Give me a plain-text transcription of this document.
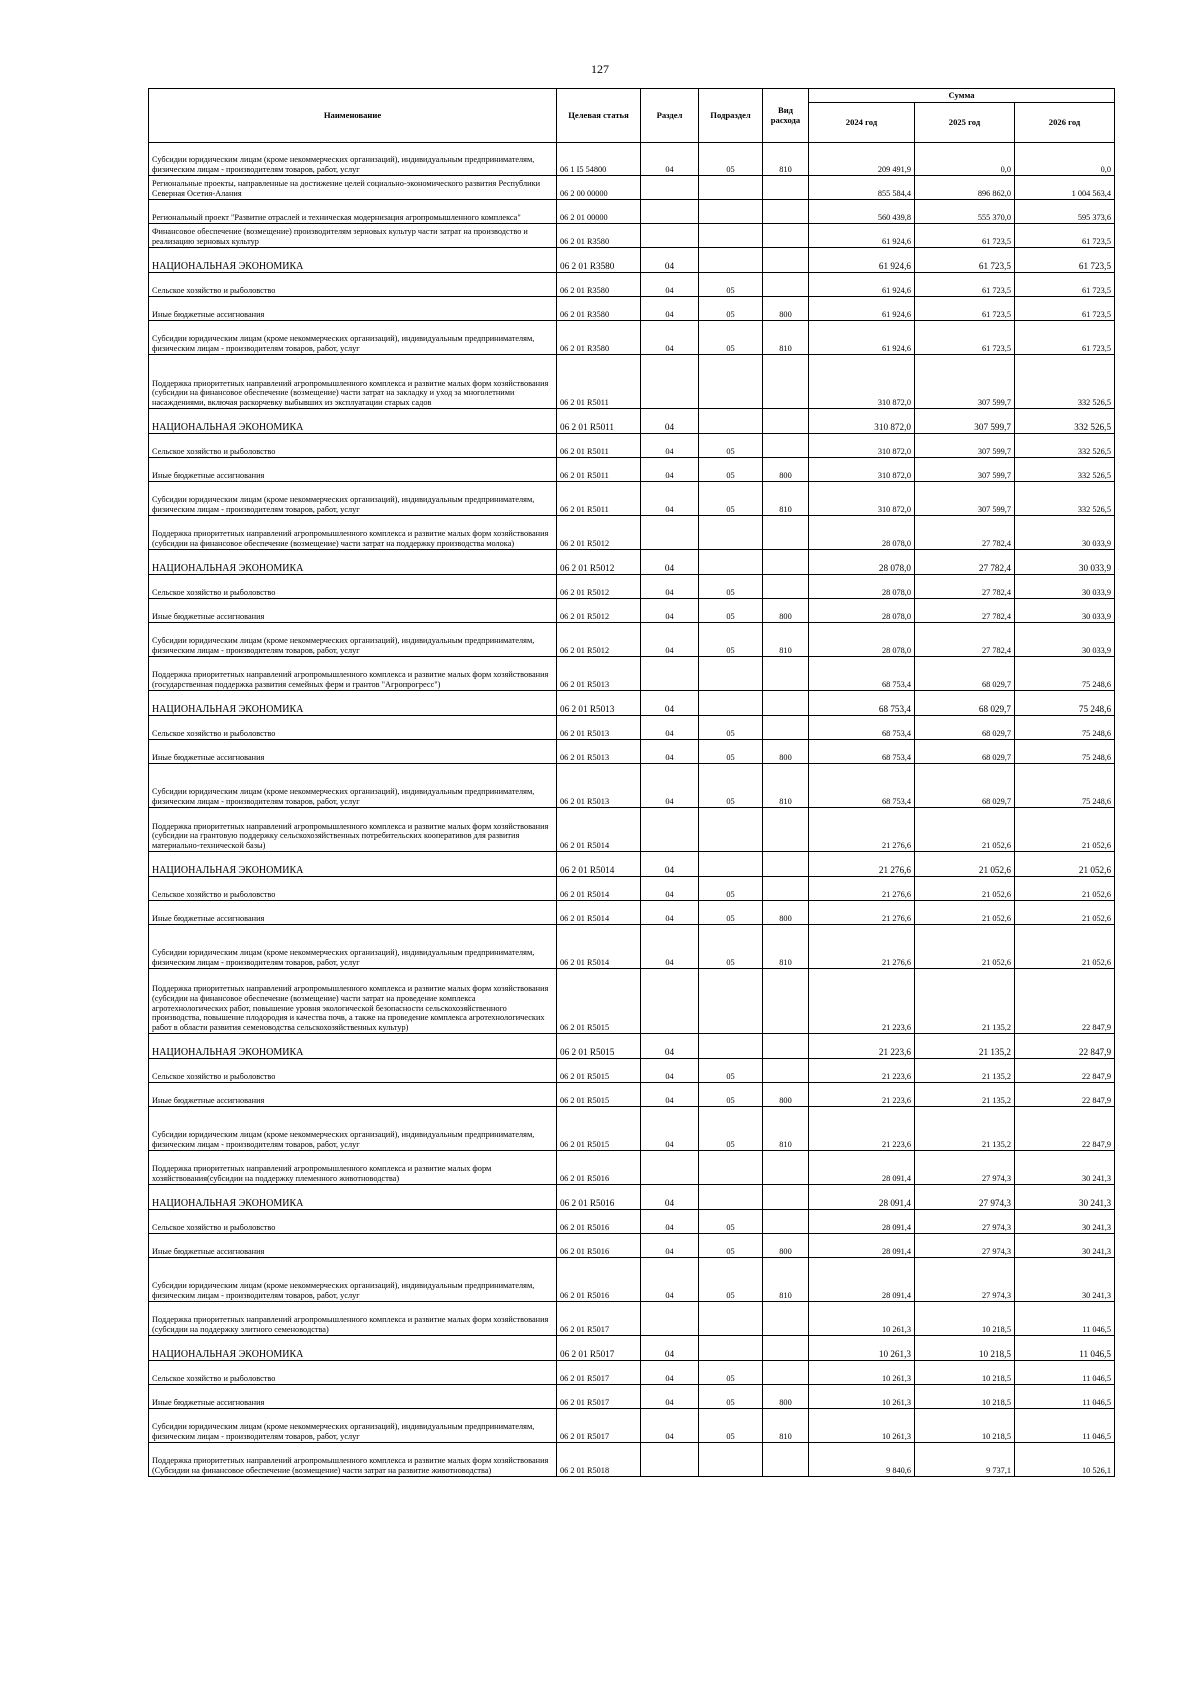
127
Наименование	Целевая статья	Раздел	Подраздел	Вид расхода	Сумма		
					2024 год	2025 год	2026 год
Субсидии юридическим лицам (кроме некоммерческих организаций), индивидуальным предпринимателям, физическим лицам - производителям товаров, работ, услуг	06 1 I5 54800	04	05	810	209 491,9	0,0	0,0
Региональные проекты, направленные на достижение целей социально-экономического развития Республики Северная Осетия-Алания	06 2 00 00000				855 584,4	896 862,0	1 004 563,4
Региональный проект "Развитие отраслей и техническая модернизация агропромышленного комплекса"	06 2 01 00000				560 439,8	555 370,0	595 373,6
Финансовое обеспечение (возмещение) производителям зерновых культур части затрат на производство и реализацию зерновых культур	06 2 01 R3580				61 924,6	61 723,5	61 723,5
НАЦИОНАЛЬНАЯ ЭКОНОМИКА	06 2 01 R3580	04			61 924,6	61 723,5	61 723,5
Сельское хозяйство и рыболовство	06 2 01 R3580	04	05		61 924,6	61 723,5	61 723,5
Иные бюджетные ассигнования	06 2 01 R3580	04	05	800	61 924,6	61 723,5	61 723,5
Субсидии юридическим лицам (кроме некоммерческих организаций), индивидуальным предпринимателям, физическим лицам - производителям товаров, работ, услуг	06 2 01 R3580	04	05	810	61 924,6	61 723,5	61 723,5
Поддержка приоритетных направлений агропромышленного комплекса и развитие малых форм хозяйствования (субсидии на финансовое обеспечение (возмещение) части затрат на закладку и уход за многолетними насаждениями, включая раскорчевку выбывших из эксплуатации старых садов	06 2 01 R5011				310 872,0	307 599,7	332 526,5
НАЦИОНАЛЬНАЯ ЭКОНОМИКА	06 2 01 R5011	04			310 872,0	307 599,7	332 526,5
Сельское хозяйство и рыболовство	06 2 01 R5011	04	05		310 872,0	307 599,7	332 526,5
Иные бюджетные ассигнования	06 2 01 R5011	04	05	800	310 872,0	307 599,7	332 526,5
Субсидии юридическим лицам (кроме некоммерческих организаций), индивидуальным предпринимателям, физическим лицам - производителям товаров, работ, услуг	06 2 01 R5011	04	05	810	310 872,0	307 599,7	332 526,5
Поддержка приоритетных направлений агропромышленного комплекса и развитие малых форм хозяйствования (субсидии на финансовое обеспечение (возмещение) части затрат на поддержку производства молока)	06 2 01 R5012				28 078,0	27 782,4	30 033,9
НАЦИОНАЛЬНАЯ ЭКОНОМИКА	06 2 01 R5012	04			28 078,0	27 782,4	30 033,9
Сельское хозяйство и рыболовство	06 2 01 R5012	04	05		28 078,0	27 782,4	30 033,9
Иные бюджетные ассигнования	06 2 01 R5012	04	05	800	28 078,0	27 782,4	30 033,9
Субсидии юридическим лицам (кроме некоммерческих организаций), индивидуальным предпринимателям, физическим лицам - производителям товаров, работ, услуг	06 2 01 R5012	04	05	810	28 078,0	27 782,4	30 033,9
Поддержка приоритетных направлений агропромышленного комплекса и развитие малых форм хозяйствования (государственная поддержка развития семейных ферм и грантов "Агропрогресс")	06 2 01 R5013				68 753,4	68 029,7	75 248,6
НАЦИОНАЛЬНАЯ ЭКОНОМИКА	06 2 01 R5013	04			68 753,4	68 029,7	75 248,6
Сельское хозяйство и рыболовство	06 2 01 R5013	04	05		68 753,4	68 029,7	75 248,6
Иные бюджетные ассигнования	06 2 01 R5013	04	05	800	68 753,4	68 029,7	75 248,6
Субсидии юридическим лицам (кроме некоммерческих организаций), индивидуальным предпринимателям, физическим лицам - производителям товаров, работ, услуг	06 2 01 R5013	04	05	810	68 753,4	68 029,7	75 248,6
Поддержка приоритетных направлений агропромышленного комплекса и развитие малых форм хозяйствования (субсидии на грантовую поддержку сельскохозяйственных потребительских кооперативов для развития материально-технической базы)	06 2 01 R5014				21 276,6	21 052,6	21 052,6
НАЦИОНАЛЬНАЯ ЭКОНОМИКА	06 2 01 R5014	04			21 276,6	21 052,6	21 052,6
Сельское хозяйство и рыболовство	06 2 01 R5014	04	05		21 276,6	21 052,6	21 052,6
Иные бюджетные ассигнования	06 2 01 R5014	04	05	800	21 276,6	21 052,6	21 052,6
Субсидии юридическим лицам (кроме некоммерческих организаций), индивидуальным предпринимателям, физическим лицам - производителям товаров, работ, услуг	06 2 01 R5014	04	05	810	21 276,6	21 052,6	21 052,6
Поддержка приоритетных направлений агропромышленного комплекса и развитие малых форм хозяйствования (субсидии на финансовое обеспечение (возмещение) части затрат на проведение комплекса агротехнологических работ, повышение уровня экологической безопасности сельскохозяйственного производства, повышение плодородия и качества почв, а также на проведение комплекса агротехнологических работ в области развития семеноводства сельскохозяйственных культур)	06 2 01 R5015				21 223,6	21 135,2	22 847,9
НАЦИОНАЛЬНАЯ ЭКОНОМИКА	06 2 01 R5015	04			21 223,6	21 135,2	22 847,9
Сельское хозяйство и рыболовство	06 2 01 R5015	04	05		21 223,6	21 135,2	22 847,9
Иные бюджетные ассигнования	06 2 01 R5015	04	05	800	21 223,6	21 135,2	22 847,9
Субсидии юридическим лицам (кроме некоммерческих организаций), индивидуальным предпринимателям, физическим лицам - производителям товаров, работ, услуг	06 2 01 R5015	04	05	810	21 223,6	21 135,2	22 847,9
Поддержка приоритетных направлений агропромышленного комплекса и развитие малых форм хозяйствования(субсидии на поддержку племенного животноводства)	06 2 01 R5016				28 091,4	27 974,3	30 241,3
НАЦИОНАЛЬНАЯ ЭКОНОМИКА	06 2 01 R5016	04			28 091,4	27 974,3	30 241,3
Сельское хозяйство и рыболовство	06 2 01 R5016	04	05		28 091,4	27 974,3	30 241,3
Иные бюджетные ассигнования	06 2 01 R5016	04	05	800	28 091,4	27 974,3	30 241,3
Субсидии юридическим лицам (кроме некоммерческих организаций), индивидуальным предпринимателям, физическим лицам - производителям товаров, работ, услуг	06 2 01 R5016	04	05	810	28 091,4	27 974,3	30 241,3
Поддержка приоритетных направлений агропромышленного комплекса и развитие малых форм хозяйствования (субсидии на поддержку элитного семеноводства)	06 2 01 R5017				10 261,3	10 218,5	11 046,5
НАЦИОНАЛЬНАЯ ЭКОНОМИКА	06 2 01 R5017	04			10 261,3	10 218,5	11 046,5
Сельское хозяйство и рыболовство	06 2 01 R5017	04	05		10 261,3	10 218,5	11 046,5
Иные бюджетные ассигнования	06 2 01 R5017	04	05	800	10 261,3	10 218,5	11 046,5
Субсидии юридическим лицам (кроме некоммерческих организаций), индивидуальным предпринимателям, физическим лицам - производителям товаров, работ, услуг	06 2 01 R5017	04	05	810	10 261,3	10 218,5	11 046,5
Поддержка приоритетных направлений агропромышленного комплекса и развитие малых форм хозяйствования (Субсидии на финансовое обеспечение (возмещение) части затрат на развитие животноводства)	06 2 01 R5018				9 840,6	9 737,1	10 526,1
